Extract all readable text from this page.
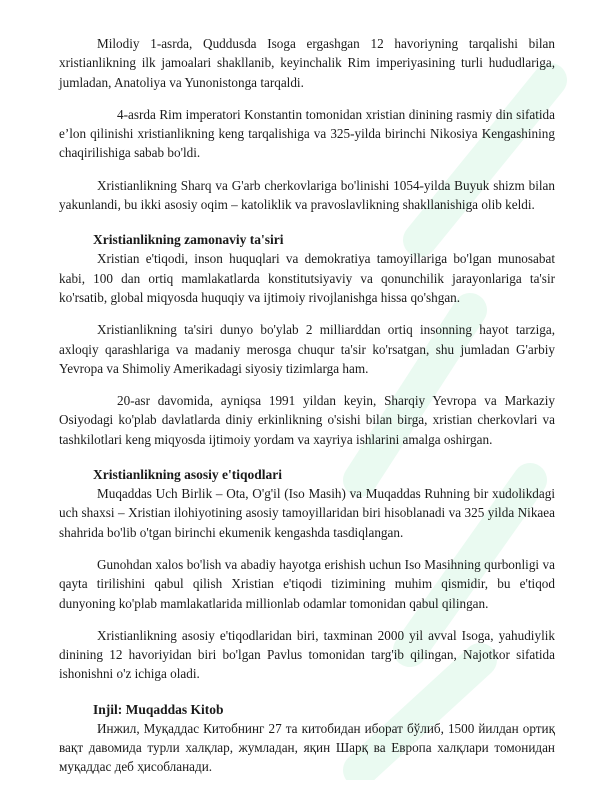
Milodiy 1-asrda, Quddusda Isoga ergashgan 12 havoriyning tarqalishi bilan xristianlikning ilk jamoalari shakllanib, keyinchalik Rim imperiyasining turli hududlariga, jumladan, Anatoliya va Yunonistonga tarqaldi.

4-asrda Rim imperatori Konstantin tomonidan xristian dinining rasmiy din sifatida e’lon qilinishi xristianlikning keng tarqalishiga va 325-yilda birinchi Nikosiya Kengashining chaqirilishiga sabab bo'ldi.

Xristianlikning Sharq va G'arb cherkovlariga bo'linishi 1054-yilda Buyuk shizm bilan yakunlandi, bu ikki asosiy oqim – katoliklik va pravoslavlikning shakllanishiga olib keldi.

Xristianlikning zamonaviy ta'siri

Xristian e'tiqodi, inson huquqlari va demokratiya tamoyillariga bo'lgan munosabat kabi, 100 dan ortiq mamlakatlarda konstitutsiyaviy va qonunchilik jarayonlariga ta'sir ko'rsatib, global miqyosda huquqiy va ijtimoiy rivojlanishga hissa qo'shgan.

Xristianlikning ta'siri dunyo bo'ylab 2 milliarddan ortiq insonning hayot tarziga, axloqiy qarashlariga va madaniy merosga chuqur ta'sir ko'rsatgan, shu jumladan G'arbiy Yevropa va Shimoliy Amerikadagi siyosiy tizimlarga ham.

20-asr davomida, ayniqsa 1991 yildan keyin, Sharqiy Yevropa va Markaziy Osiyodagi ko'plab davlatlarda diniy erkinlikning o'sishi bilan birga, xristian cherkovlari va tashkilotlari keng miqyosda ijtimoiy yordam va xayriya ishlarini amalga oshirgan.

Xristianlikning asosiy e'tiqodlari

Muqaddas Uch Birlik – Ota, O'g'il (Iso Masih) va Muqaddas Ruhning bir xudolikdagi uch shaxsi – Xristian ilohiyotining asosiy tamoyillaridan biri hisoblanadi va 325 yilda Nikaea shahrida bo'lib o'tgan birinchi ekumenik kengashda tasdiqlangan.

Gunohdan xalos bo'lish va abadiy hayotga erishish uchun Iso Masihning qurbonligi va qayta tirilishini qabul qilish Xristian e'tiqodi tizimining muhim qismidir, bu e'tiqod dunyoning ko'plab mamlakatlarida millionlab odamlar tomonidan qabul qilingan.

Xristianlikning asosiy e'tiqodlaridan biri, taxminan 2000 yil avval Isoga, yahudiylik dinining 12 havoriyidan biri bo'lgan Pavlus tomonidan targ'ib qilingan, Najotkor sifatida ishonishni o'z ichiga oladi.

Injil: Muqaddas Kitob

Инжил, Муқаддас Китобнинг 27 та китобидан иборат бўлиб, 1500 йилдан ортиқ вақт давомида турли халқлар, жумладан, яқин Шарқ ва Европа халқлари томонидан муқаддас деб ҳисобланади.
